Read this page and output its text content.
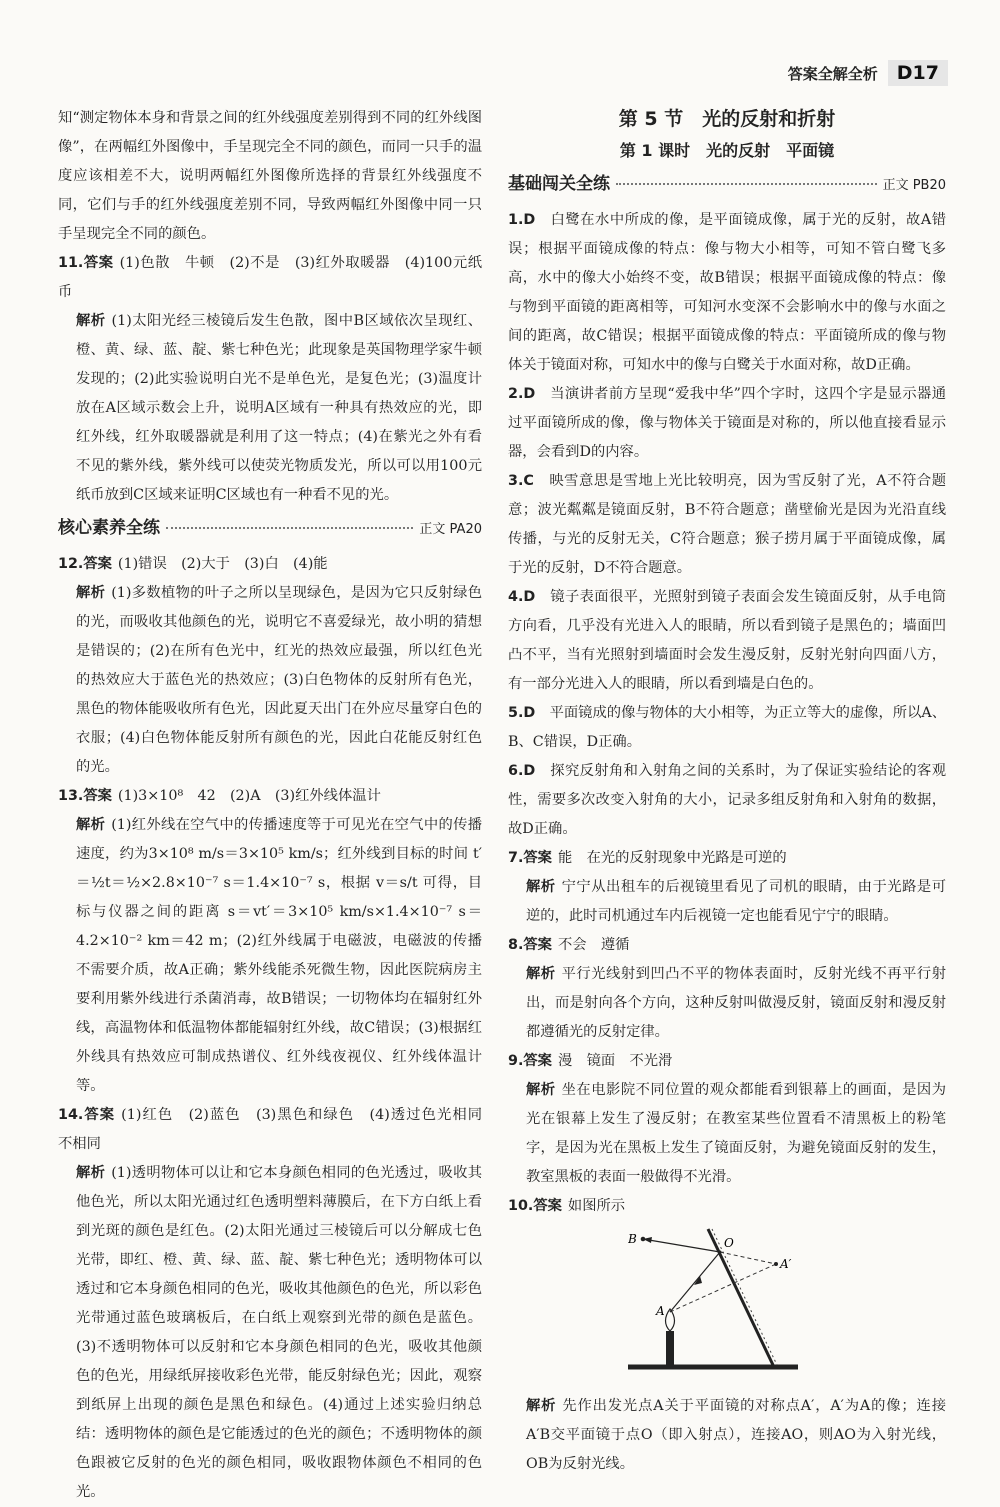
答案全解全析	D17

知“测定物体本身和背景之间的红外线强度差别得到不同的红外线图像”，在两幅红外图像中，手呈现完全不同的颜色，而同一只手的温度应该相差不大，说明两幅红外图像所选择的背景红外线强度不同，它们与手的红外线强度差别不同，导致两幅红外图像中同一只手呈现完全不同的颜色。

11.答案 (1)色散　牛顿　(2)不是　(3)红外取暖器　(4)100元纸币

解析 (1)太阳光经三棱镜后发生色散，图中B区域依次呈现红、橙、黄、绿、蓝、靛、紫七种色光；此现象是英国物理学家牛顿发现的；(2)此实验说明白光不是单色光，是复色光；(3)温度计放在A区域示数会上升，说明A区域有一种具有热效应的光，即红外线，红外取暖器就是利用了这一特点；(4)在紫光之外有看不见的紫外线，紫外线可以使荧光物质发光，所以可以用100元纸币放到C区域来证明C区域也有一种看不见的光。

核心素养全练	正文 PA20

12.答案 (1)错误　(2)大于　(3)白　(4)能

解析 (1)多数植物的叶子之所以呈现绿色，是因为它只反射绿色的光，而吸收其他颜色的光，说明它不喜爱绿光，故小明的猜想是错误的；(2)在所有色光中，红光的热效应最强，所以红色光的热效应大于蓝色光的热效应；(3)白色物体的反射所有色光，黑色的物体能吸收所有色光，因此夏天出门在外应尽量穿白色的衣服；(4)白色物体能反射所有颜色的光，因此白花能反射红色的光。

13.答案 (1)3×10⁸　42　(2)A　(3)红外线体温计

解析 (1)红外线在空气中的传播速度等于可见光在空气中的传播速度，约为3×10⁸ m/s＝3×10⁵ km/s；红外线到目标的时间 t′＝½t＝½×2.8×10⁻⁷ s＝1.4×10⁻⁷ s，根据 v＝s/t 可得，目标与仪器之间的距离 s＝vt′＝3×10⁵ km/s×1.4×10⁻⁷ s＝4.2×10⁻² km＝42 m；(2)红外线属于电磁波，电磁波的传播不需要介质，故A正确；紫外线能杀死微生物，因此医院病房主要利用紫外线进行杀菌消毒，故B错误；一切物体均在辐射红外线，高温物体和低温物体都能辐射红外线，故C错误；(3)根据红外线具有热效应可制成热谱仪、红外线夜视仪、红外线体温计等。

14.答案 (1)红色　(2)蓝色　(3)黑色和绿色　(4)透过色光相同　不相同

解析 (1)透明物体可以让和它本身颜色相同的色光透过，吸收其他色光，所以太阳光通过红色透明塑料薄膜后，在下方白纸上看到光斑的颜色是红色。(2)太阳光通过三棱镜后可以分解成七色光带，即红、橙、黄、绿、蓝、靛、紫七种色光；透明物体可以透过和它本身颜色相同的色光，吸收其他颜色的色光，所以彩色光带通过蓝色玻璃板后，在白纸上观察到光带的颜色是蓝色。(3)不透明物体可以反射和它本身颜色相同的色光，吸收其他颜色的色光，用绿纸屏接收彩色光带，能反射绿色光；因此，观察到纸屏上出现的颜色是黑色和绿色。(4)通过上述实验归纳总结：透明物体的颜色是它能透过的色光的颜色；不透明物体的颜色跟被它反射的色光的颜色相同，吸收跟物体颜色不相同的色光。

第 5 节　光的反射和折射
第 1 课时　光的反射　平面镜
基础闯关全练	正文 PB20

1.D　 白鹭在水中所成的像，是平面镜成像，属于光的反射，故A错误；根据平面镜成像的特点：像与物大小相等，可知不管白鹭飞多高，水中的像大小始终不变，故B错误；根据平面镜成像的特点：像与物到平面镜的距离相等，可知河水变深不会影响水中的像与水面之间的距离，故C错误；根据平面镜成像的特点：平面镜所成的像与物体关于镜面对称，可知水中的像与白鹭关于水面对称，故D正确。

2.D　 当演讲者前方呈现“爱我中华”四个字时，这四个字是显示器通过平面镜所成的像，像与物体关于镜面是对称的，所以他直接看显示器，会看到D的内容。

3.C　 映雪意思是雪地上光比较明亮，因为雪反射了光，A不符合题意；波光粼粼是镜面反射，B不符合题意；凿壁偷光是因为光沿直线传播，与光的反射无关，C符合题意；猴子捞月属于平面镜成像，属于光的反射，D不符合题意。

4.D　 镜子表面很平，光照射到镜子表面会发生镜面反射，从手电筒方向看，几乎没有光进入人的眼睛，所以看到镜子是黑色的；墙面凹凸不平，当有光照射到墙面时会发生漫反射，反射光射向四面八方，有一部分光进入人的眼睛，所以看到墙是白色的。

5.D　 平面镜成的像与物体的大小相等，为正立等大的虚像，所以A、B、C错误，D正确。

6.D　 探究反射角和入射角之间的关系时，为了保证实验结论的客观性，需要多次改变入射角的大小，记录多组反射角和入射角的数据，故D正确。

7.答案 能　在光的反射现象中光路是可逆的

解析 宁宁从出租车的后视镜里看见了司机的眼睛，由于光路是可逆的，此时司机通过车内后视镜一定也能看见宁宁的眼睛。

8.答案 不会　遵循

解析 平行光线射到凹凸不平的物体表面时，反射光线不再平行射出，而是射向各个方向，这种反射叫做漫反射，镜面反射和漫反射都遵循光的反射定律。

9.答案 漫　镜面　不光滑

解析 坐在电影院不同位置的观众都能看到银幕上的画面，是因为光在银幕上发生了漫反射；在教室某些位置看不清黑板上的粉笔字，是因为光在黑板上发生了镜面反射，为避免镜面反射的发生，教室黑板的表面一般做得不光滑。

10.答案 如图所示

B	O
A′
A

解析 先作出发光点A关于平面镜的对称点A′，A′为A的像；连接A′B交平面镜于点O（即入射点），连接AO，则AO为入射光线，OB为反射光线。
